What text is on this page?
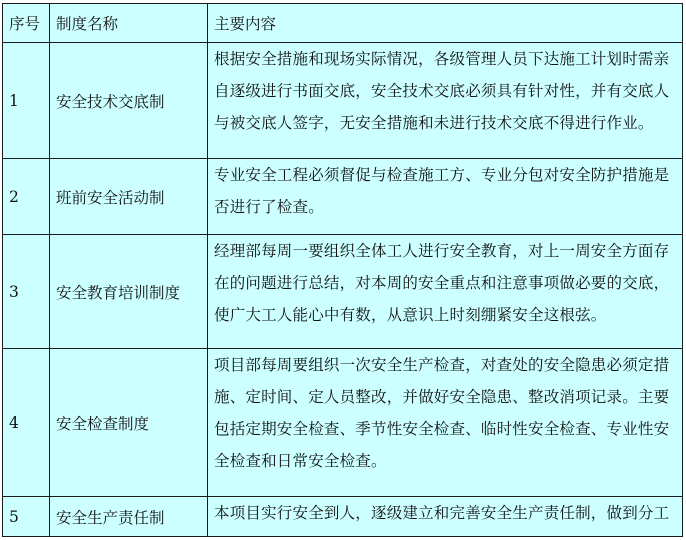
序号	制度名称	主要内容
1	安全技术交底制	根据安全措施和现场实际情况，各级管理人员下达施工计划时需亲自逐级进行书面交底，安全技术交底必须具有针对性，并有交底人与被交底人签字，无安全措施和未进行技术交底不得进行作业。
2	班前安全活动制	专业安全工程必须督促与检查施工方、专业分包对安全防护措施是否进行了检查。
3	安全教育培训制度	经理部每周一要组织全体工人进行安全教育，对上一周安全方面存在的问题进行总结，对本周的安全重点和注意事项做必要的交底，使广大工人能心中有数，从意识上时刻绷紧安全这根弦。
4	安全检查制度	项目部每周要组织一次安全生产检查，对查处的安全隐患必须定措施、定时间、定人员整改，并做好安全隐患、整改消项记录。主要包括定期安全检查、季节性安全检查、临时性安全检查、专业性安全检查和日常安全检查。
5	安全生产责任制	本项目实行安全到人，逐级建立和完善安全生产责任制，做到分工
